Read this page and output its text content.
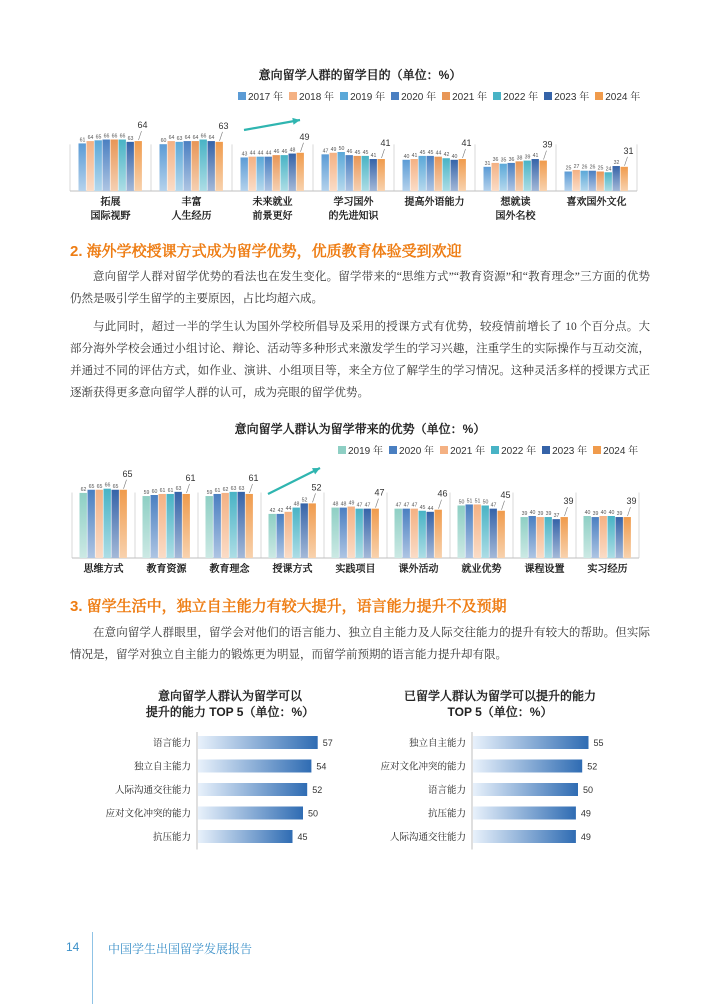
意向留学人群的留学目的（单位：%）
2017 年 2018 年 2019 年 2020 年 2021 年 2022 年 2023 年 2024 年
61 64 65 66 66 66 63
64
拓展
国际视野
60
64 63 64 64 66 64
63
丰富
人生经历
43 44 44 44 46 46 48
49
未来就业
前景更好
47 49 50
46 45 45
41
41
学习国外
的先进知识
40 41
45 45 44 42 40
41
提高外语能力
31
36 35 36 38 39 41
39
想就读
国外名校
25 27 26 26 25 24
32
31
喜欢国外文化
2. 海外学校授课方式成为留学优势，优质教育体验受到欢迎

意向留学人群对留学优势的看法也在发生变化。留学带来的“思维方式”“教育资源”和“教育理念”三方面的优势仍然是吸引学生留学的主要原因，占比均超六成。

与此同时，超过一半的学生认为国外学校所倡导及采用的授课方式有优势，较疫情前增长了 10 个百分点。大部分海外学校会通过小组讨论、辩论、活动等多种形式来激发学生的学习兴趣，注重学生的实际操作与互动交流，并通过不同的评估方式，如作业、演讲、小组项目等，来全方位了解学生的学习情况。这种灵活多样的授课方式正逐渐获得更多意向留学人群的认可，成为亮眼的留学优势。

意向留学人群认为留学带来的优势（单位：%）
2019 年 2020 年 2021 年 2022 年 2023 年 2024 年
62
65 65 66 65
65
思维方式
59 60 61 61 63
61
教育资源
59 61 62 63 63
61
教育理念
42 42 44
48
52
52
授课方式
48 48 49 47 47
47
实践项目
47 47 47 45 44
46
课外活动
50 51 51 50
47
45
就业优势
39 40 39 39 37
39
课程设置
40 39 40 40 39
39
实习经历
3. 留学生活中，独立自主能力有较大提升，语言能力提升不及预期

在意向留学人群眼里，留学会对他们的语言能力、独立自主能力及人际交往能力的提升有较大的帮助。但实际情况是，留学对独立自主能力的锻炼更为明显，而留学前预期的语言能力提升却有限。

意向留学人群认为留学可以
提升的能力 TOP 5（单位：%）
语言能力	57
独立自主能力	54
人际沟通交往能力	52
应对文化冲突的能力	50
抗压能力	45
已留学人群认为留学可以提升的能力
TOP 5（单位：%）
独立自主能力	55
应对文化冲突的能力	52
语言能力	50
抗压能力	49
人际沟通交往能力	49
14 中国学生出国留学发展报告
